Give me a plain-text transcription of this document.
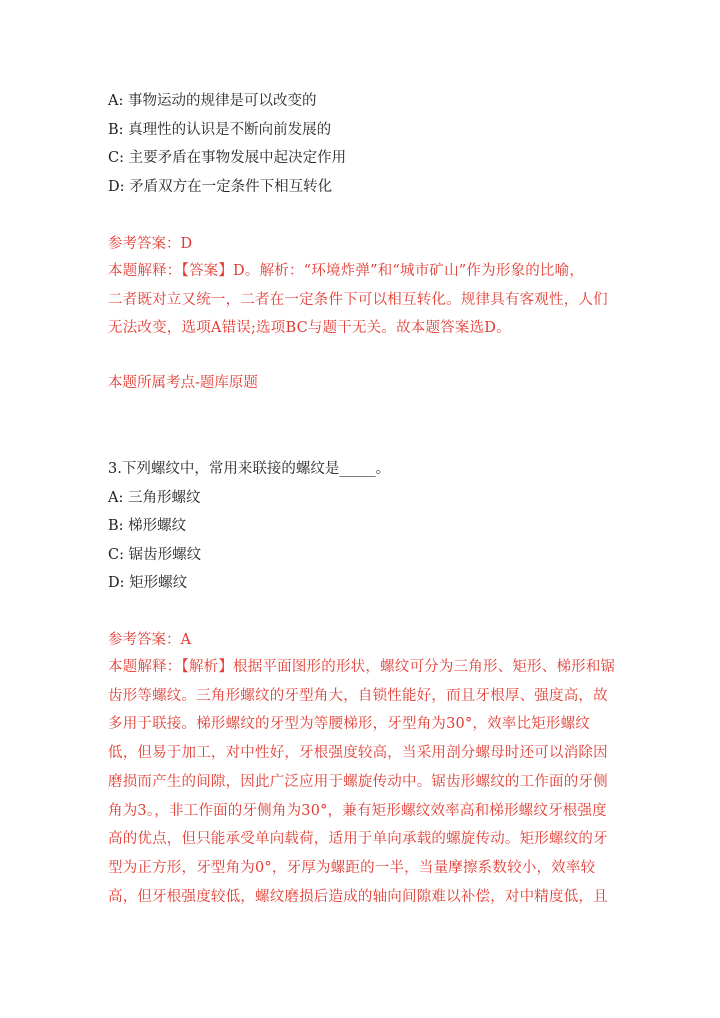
A: 事物运动的规律是可以改变的
B: 真理性的认识是不断向前发展的
C: 主要矛盾在事物发展中起决定作用
D: 矛盾双方在一定条件下相互转化
参考答案：D
本题解释：【答案】D。解析：“环境炸弹”和“城市矿山”作为形象的比喻，
二者既对立又统一，二者在一定条件下可以相互转化。规律具有客观性，人们
无法改变，选项A错误;选项BC与题干无关。故本题答案选D。
本题所属考点-题库原题
3.下列螺纹中，常用来联接的螺纹是_____。
A: 三角形螺纹
B: 梯形螺纹
C: 锯齿形螺纹
D: 矩形螺纹
参考答案：A
本题解释：【解析】根据平面图形的形状，螺纹可分为三角形、矩形、梯形和锯
齿形等螺纹。三角形螺纹的牙型角大，自锁性能好，而且牙根厚、强度高，故
多用于联接。梯形螺纹的牙型为等腰梯形，牙型角为30°，效率比矩形螺纹
低，但易于加工，对中性好，牙根强度较高，当采用剖分螺母时还可以消除因
磨损而产生的间隙，因此广泛应用于螺旋传动中。锯齿形螺纹的工作面的牙侧
角为3。，非工作面的牙侧角为30°，兼有矩形螺纹效率高和梯形螺纹牙根强度
高的优点，但只能承受单向载荷，适用于单向承载的螺旋传动。矩形螺纹的牙
型为正方形，牙型角为0°，牙厚为螺距的一半，当量摩擦系数较小，效率较
高，但牙根强度较低，螺纹磨损后造成的轴向间隙难以补偿，对中精度低，且
